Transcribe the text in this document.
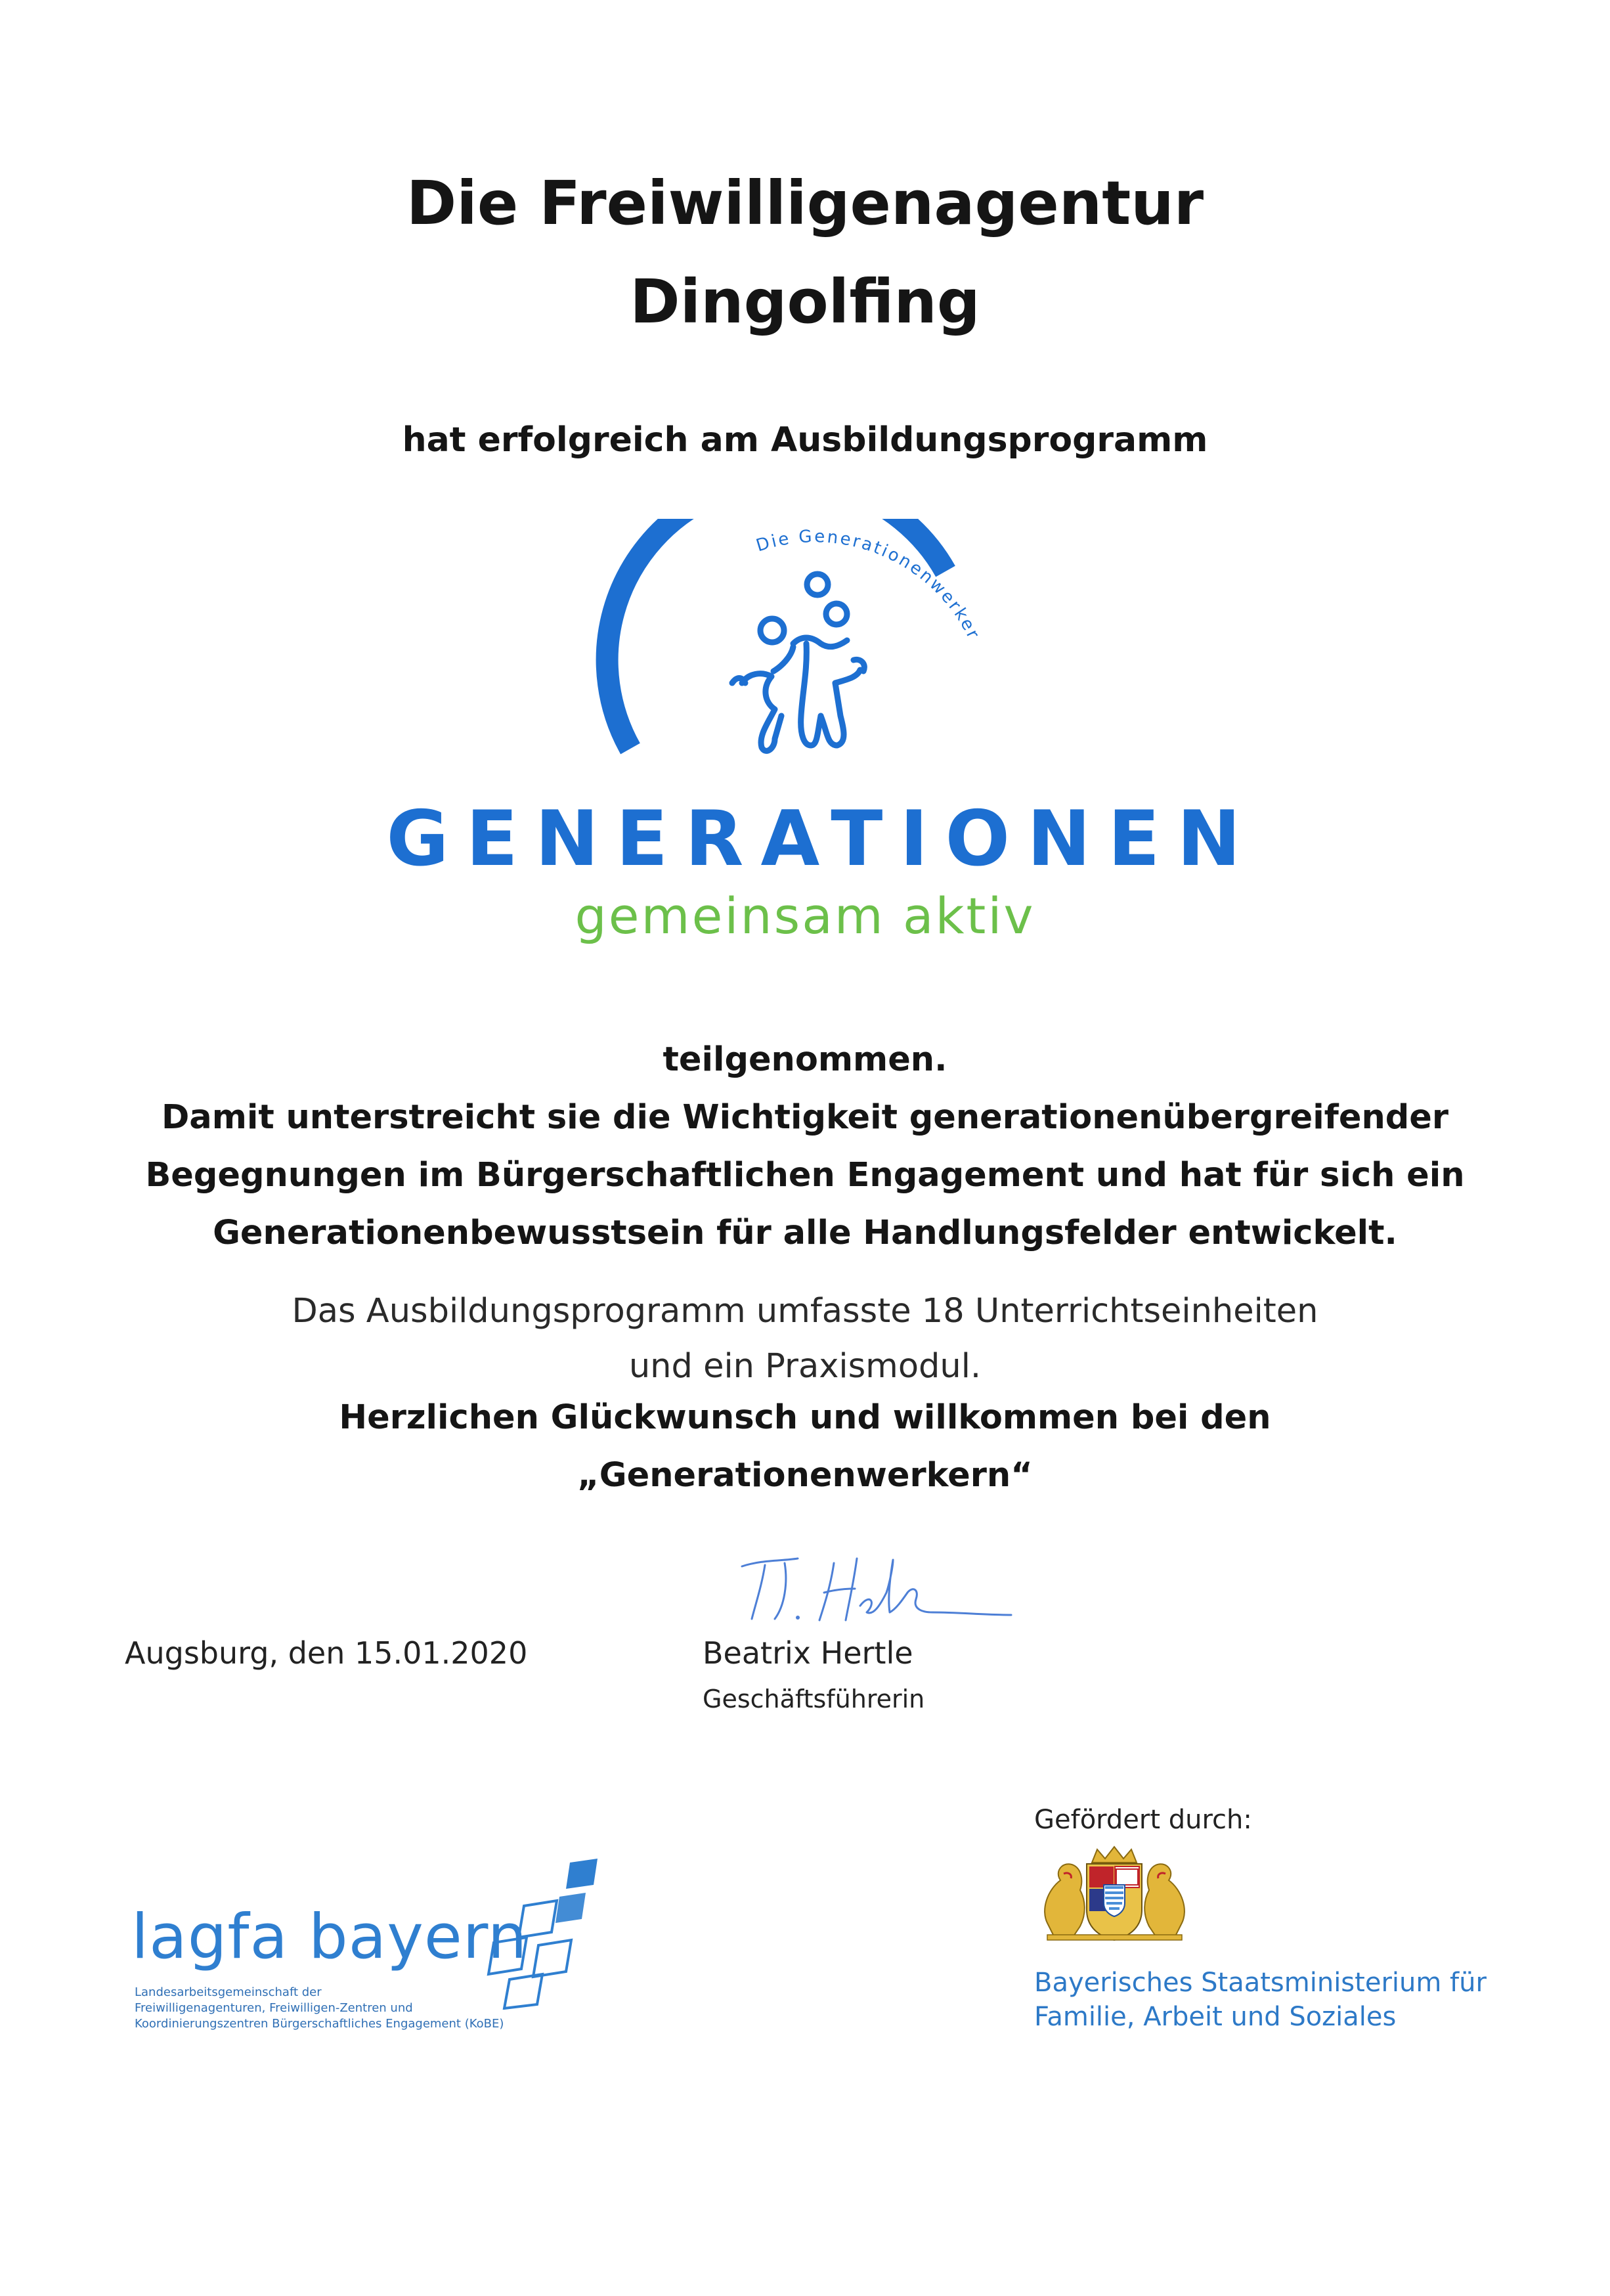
Die Freiwilligenagentur
Dingolfing
hat erfolgreich am Ausbildungsprogramm
Die Generationenwerker
GENERATIONEN
gemeinsam aktiv
teilgenommen.
Damit unterstreicht sie die Wichtigkeit generationenübergreifender
Begegnungen im Bürgerschaftlichen Engagement und hat für sich ein
Generationenbewusstsein für alle Handlungsfelder entwickelt.
Das Ausbildungsprogramm umfasste 18 Unterrichtseinheiten
und ein Praxismodul.
Herzlichen Glückwunsch und willkommen bei den
„Generationenwerkern“
Augsburg, den 15.01.2020	Beatrix Hertle
Geschäftsführerin
Gefördert durch:
Bayerisches Staatsministerium für
Familie, Arbeit und Soziales
lagfa bayern
Landesarbeitsgemeinschaft der
Freiwilligenagenturen, Freiwilligen-Zentren und
Koordinierungszentren Bürgerschaftliches Engagement (KoBE)
